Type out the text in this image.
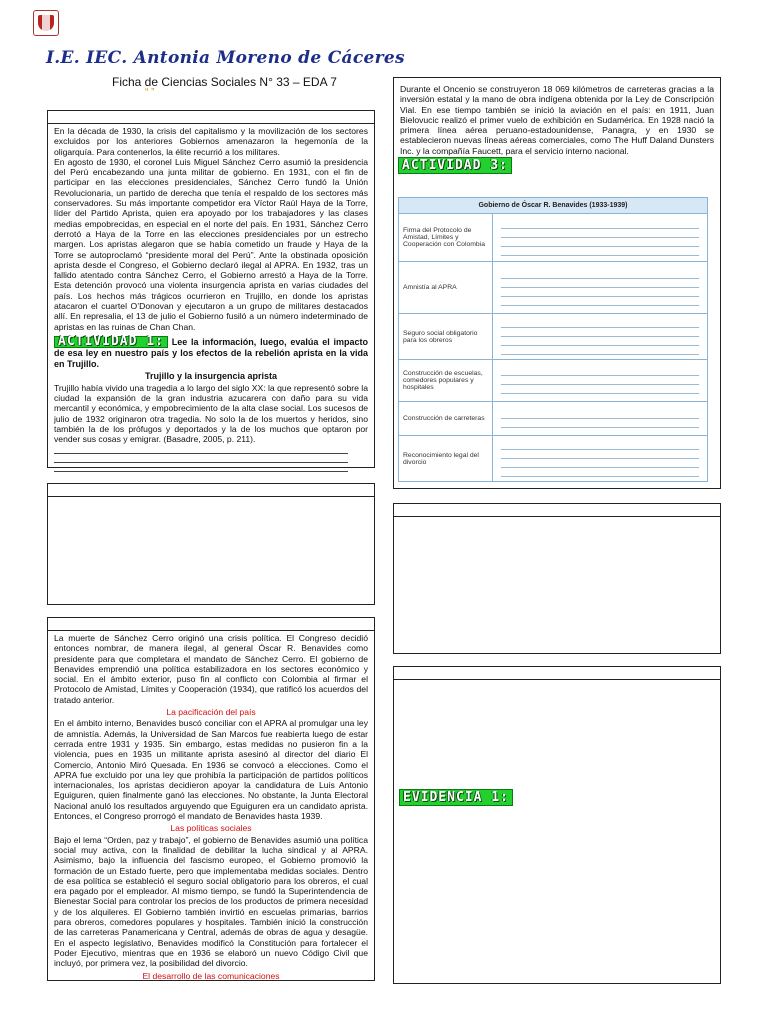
I.E. IEC. Antonia Moreno de Cáceres
Ficha de Ciencias Sociales N° 33 – EDA 7
“ ”

En la década de 1930, la crisis del capitalismo y la movilización de los sectores excluidos por los anteriores Gobiernos amenazaron la hegemonía de la oligarquía. Para contenerlos, la élite recurrió a los militares.

En agosto de 1930, el coronel Luis Miguel Sánchez Cerro asumió la presidencia del Perú encabezando una junta militar de gobierno. En 1931, con el fin de participar en las elecciones presidenciales, Sánchez Cerro fundó la Unión Revolucionaria, un partido de derecha que tenía el respaldo de los sectores más conservadores. Su más importante competidor era Víctor Raúl Haya de la Torre, líder del Partido Aprista, quien era apoyado por los trabajadores y las clases medias empobrecidas, en especial en el norte del país. En 1931, Sánchez Cerro derrotó a Haya de la Torre en las elecciones presidenciales por un estrecho margen. Los apristas alegaron que se había cometido un fraude y Haya de la Torre se autoproclamó “presidente moral del Perú”. Ante la obstinada oposición aprista desde el Congreso, el Gobierno declaró ilegal al APRA. En 1932, tras un fallido atentado contra Sánchez Cerro, el Gobierno arrestó a Haya de la Torre. Esta detención provocó una violenta insurgencia aprista en varias ciudades del país. Los hechos más trágicos ocurrieron en Trujillo, en donde los apristas atacaron el cuartel O’Donovan y ejecutaron a un grupo de militares destacados allí. En represalia, el 13 de julio el Gobierno fusiló a un número indeterminado de apristas en las ruinas de Chan Chan.

ACTIVIDAD 1: Lee la información, luego, evalúa el impacto de esa ley en nuestro país y los efectos de la rebelión aprista en la vida en Trujillo.
Trujillo y la insurgencia aprista

Trujillo había vivido una tragedia a lo largo del siglo XX: la que representó sobre la ciudad la expansión de la gran industria azucarera con daño para su vida mercantil y económica, y empobrecimiento de la alta clase social. Los sucesos de julio de 1932 originaron otra tragedia. No solo la de los muertos y heridos, sino también la de los prófugos y deportados y la de los muchos que optaron por vender sus cosas y emigrar. (Basadre, 2005, p. 211).

La muerte de Sánchez Cerro originó una crisis política. El Congreso decidió entonces nombrar, de manera ilegal, al general Óscar R. Benavides como presidente para que completara el mandato de Sánchez Cerro. El gobierno de Benavides emprendió una política estabilizadora en los sectores económico y social. En el ámbito exterior, puso fin al conflicto con Colombia al firmar el Protocolo de Amistad, Límites y Cooperación (1934), que ratificó los acuerdos del tratado anterior.

La pacificación del país

En el ámbito interno, Benavides buscó conciliar con el APRA al promulgar una ley de amnistía. Además, la Universidad de San Marcos fue reabierta luego de estar cerrada entre 1931 y 1935. Sin embargo, estas medidas no pusieron fin a la violencia, pues en 1935 un militante aprista asesinó al director del diario El Comercio, Antonio Miró Quesada. En 1936 se convocó a elecciones. Como el APRA fue excluido por una ley que prohibía la participación de partidos políticos internacionales, los apristas decidieron apoyar la candidatura de Luis Antonio Eguiguren, quien finalmente ganó las elecciones. No obstante, la Junta Electoral Nacional anuló los resultados arguyendo que Eguiguren era un candidato aprista. Entonces, el Congreso prorrogó el mandato de Benavides hasta 1939.

Las políticas sociales

Bajo el lema “Orden, paz y trabajo”, el gobierno de Benavides asumió una política social muy activa, con la finalidad de debilitar la lucha sindical y al APRA. Asimismo, bajo la influencia del fascismo europeo, el Gobierno promovió la formación de un Estado fuerte, pero que implementaba medidas sociales. Dentro de esa política se estableció el seguro social obligatorio para los obreros, el cual era pagado por el empleador. Al mismo tiempo, se fundó la Superintendencia de Bienestar Social para controlar los precios de los productos de primera necesidad y de los alquileres. El Gobierno también invirtió en escuelas primarias, barrios para obreros, comedores populares y hospitales. También inició la construcción de las carreteras Panamericana y Central, además de obras de agua y desagüe. En el aspecto legislativo, Benavides modificó la Constitución para fortalecer el Poder Ejecutivo, mientras que en 1936 se elaboró un nuevo Código Civil que incluyó, por primera vez, la posibilidad del divorcio.

El desarrollo de las comunicaciones
Durante el Oncenio se construyeron 18 069 kilómetros de carreteras gracias a la inversión estatal y la mano de obra indígena obtenida por la Ley de Conscripción Vial. En ese tiempo también se inició la aviación en el país: en 1911, Juan Bielovucic realizó el primer vuelo de exhibición en Sudamérica. En 1928 nació la primera línea aérea peruano-estadounidense, Panagra, y en 1930 se establecieron nuevas líneas aéreas comerciales, como The Huff Daland Dunsters Inc. y la compañía Faucett, para el servicio interno nacional.
ACTIVIDAD 3:
Gobierno de Óscar R. Benavides (1933-1939)	
Firma del Protocolo de Amistad, Límites y Cooperación con Colombia	

Amnistía al APRA	

Seguro social obligatorio para los obreros	

Construcción de escuelas, comedores populares y hospitales	

Construcción de carreteras	

Reconocimiento legal del divorcio	
EVIDENCIA 1:
